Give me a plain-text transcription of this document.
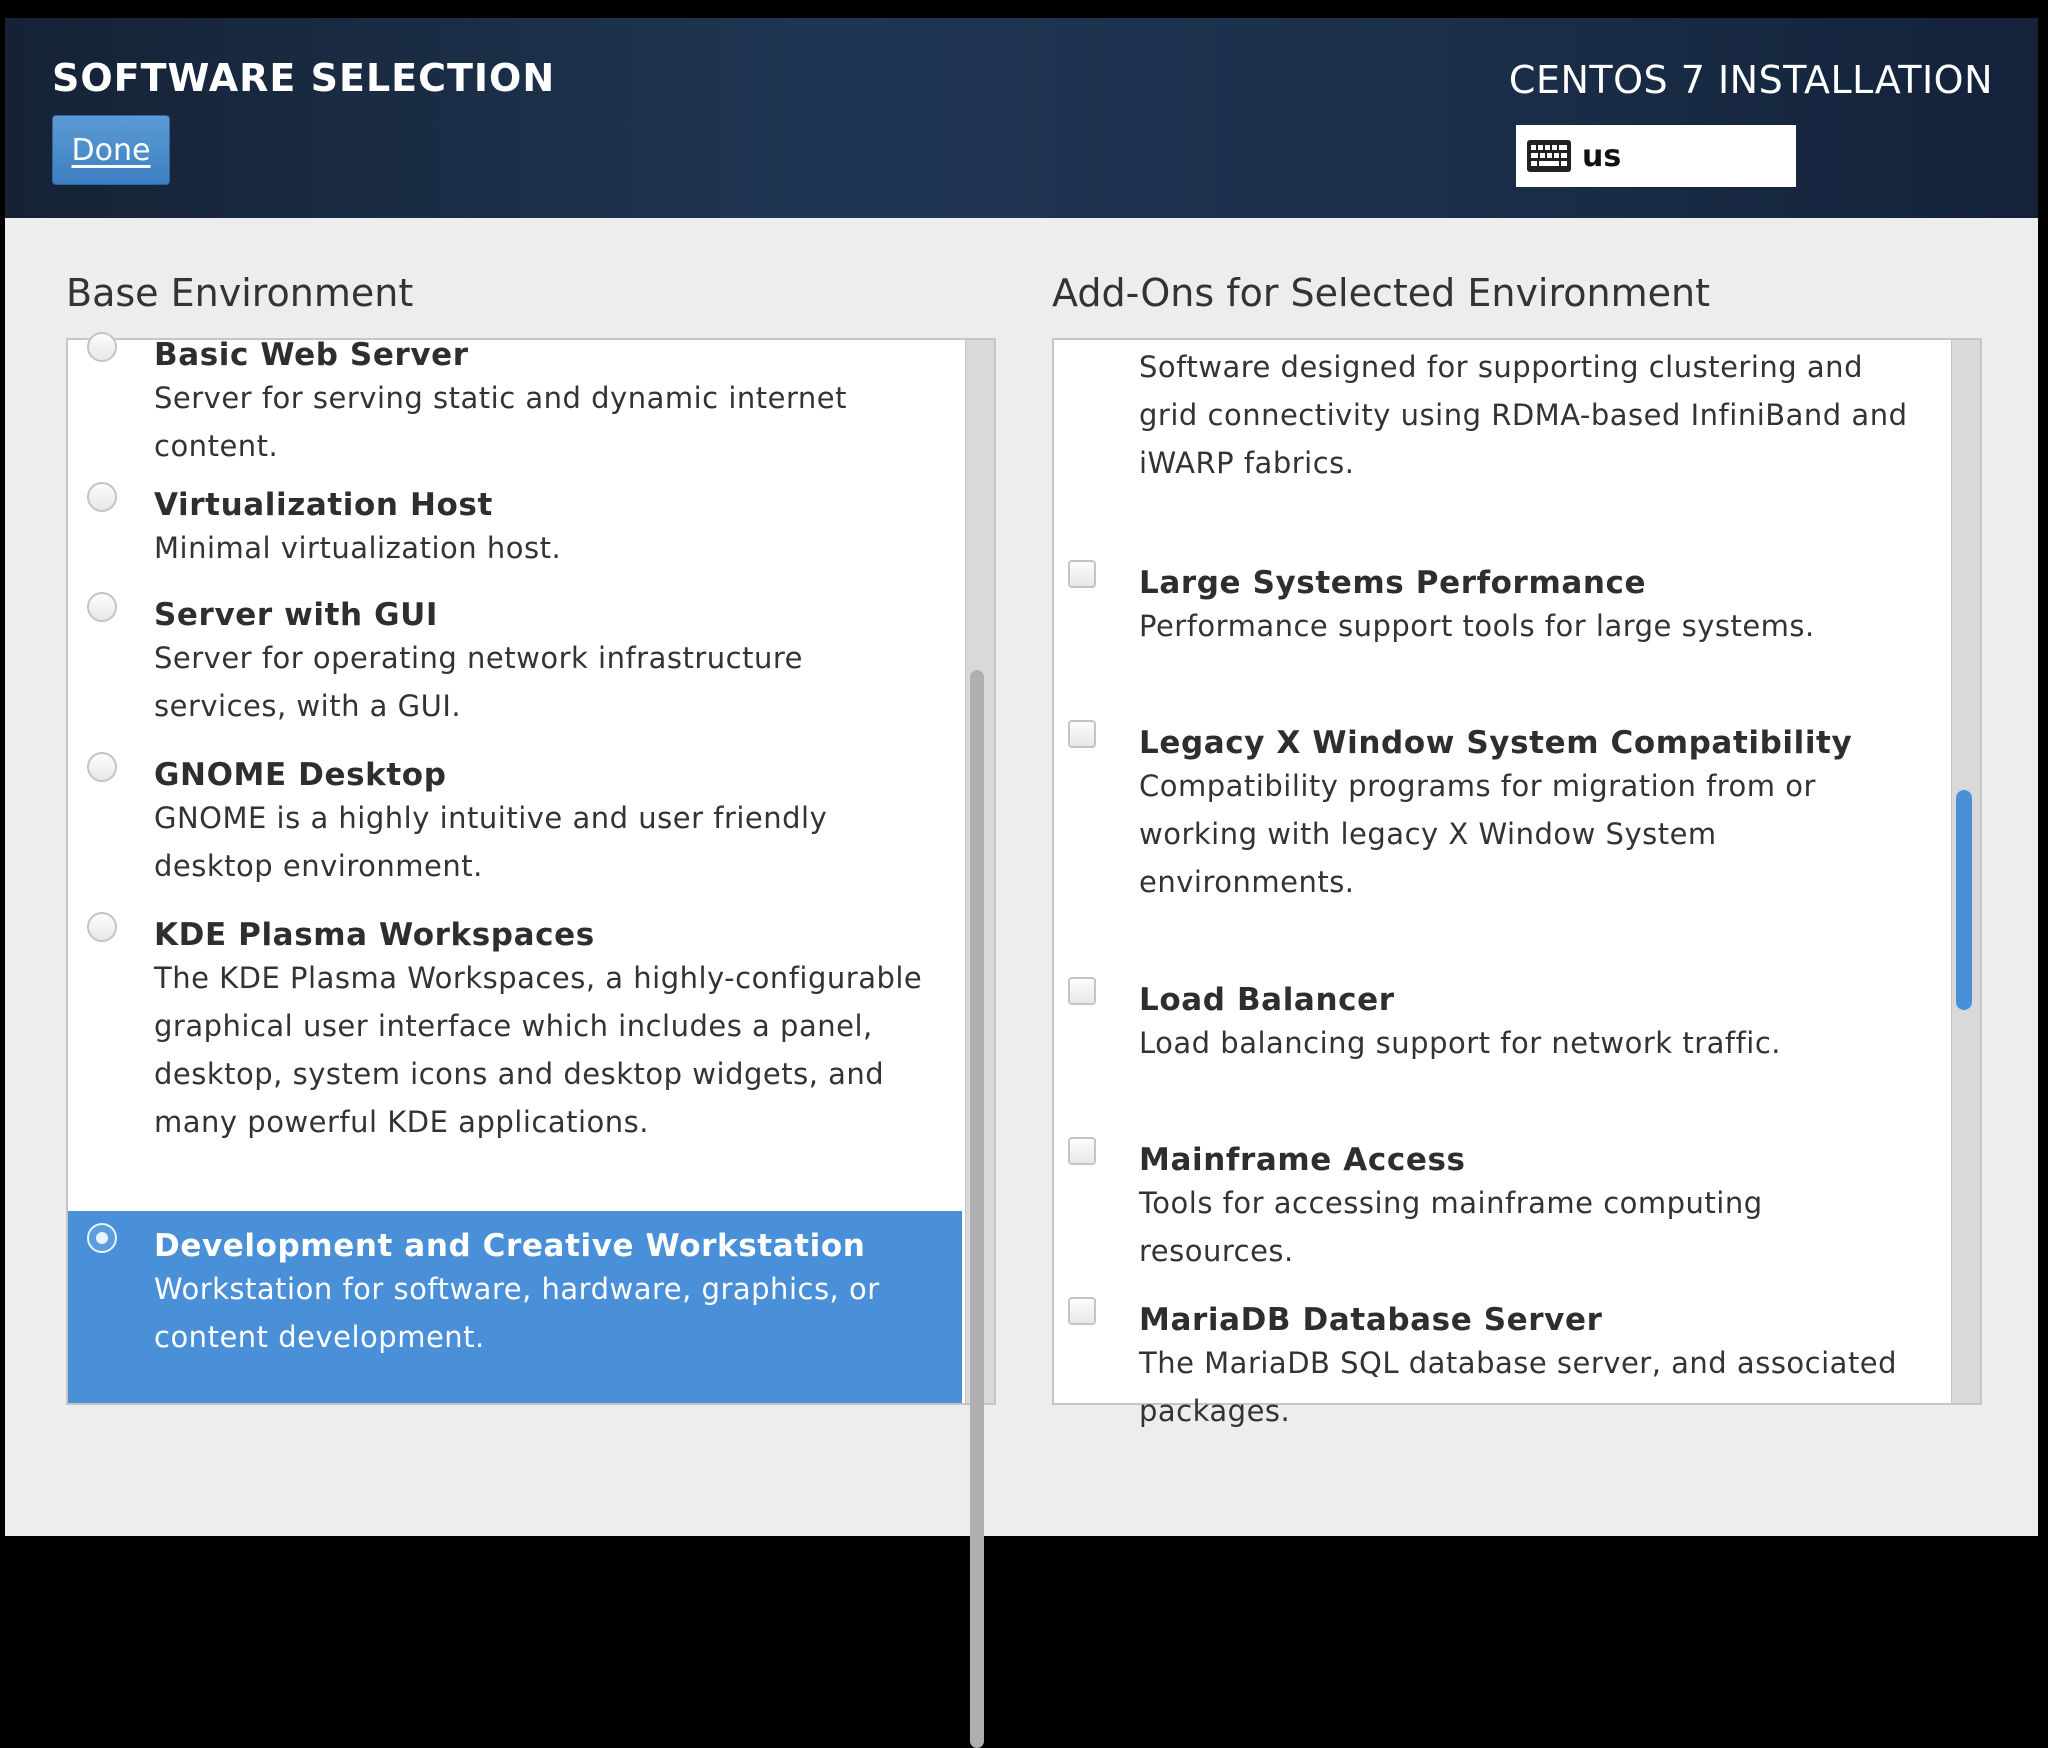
SOFTWARE SELECTION
Done
CENTOS 7 INSTALLATION
us
Base Environment	Add-Ons for Selected Environment
Basic Web Server
Server for serving static and dynamic internet
content.
Virtualization Host
Minimal virtualization host.
Server with GUI
Server for operating network infrastructure
services, with a GUI.
GNOME Desktop
GNOME is a highly intuitive and user friendly
desktop environment.
KDE Plasma Workspaces
The KDE Plasma Workspaces, a highly-configurable
graphical user interface which includes a panel,
desktop, system icons and desktop widgets, and
many powerful KDE applications.
Development and Creative Workstation
Workstation for software, hardware, graphics, or
content development.
Software designed for supporting clustering and
grid connectivity using RDMA-based InfiniBand and
iWARP fabrics.
Large Systems Performance
Performance support tools for large systems.
Legacy X Window System Compatibility
Compatibility programs for migration from or
working with legacy X Window System
environments.
Load Balancer
Load balancing support for network traffic.
Mainframe Access
Tools for accessing mainframe computing
resources.
MariaDB Database Server
The MariaDB SQL database server, and associated
packages.
